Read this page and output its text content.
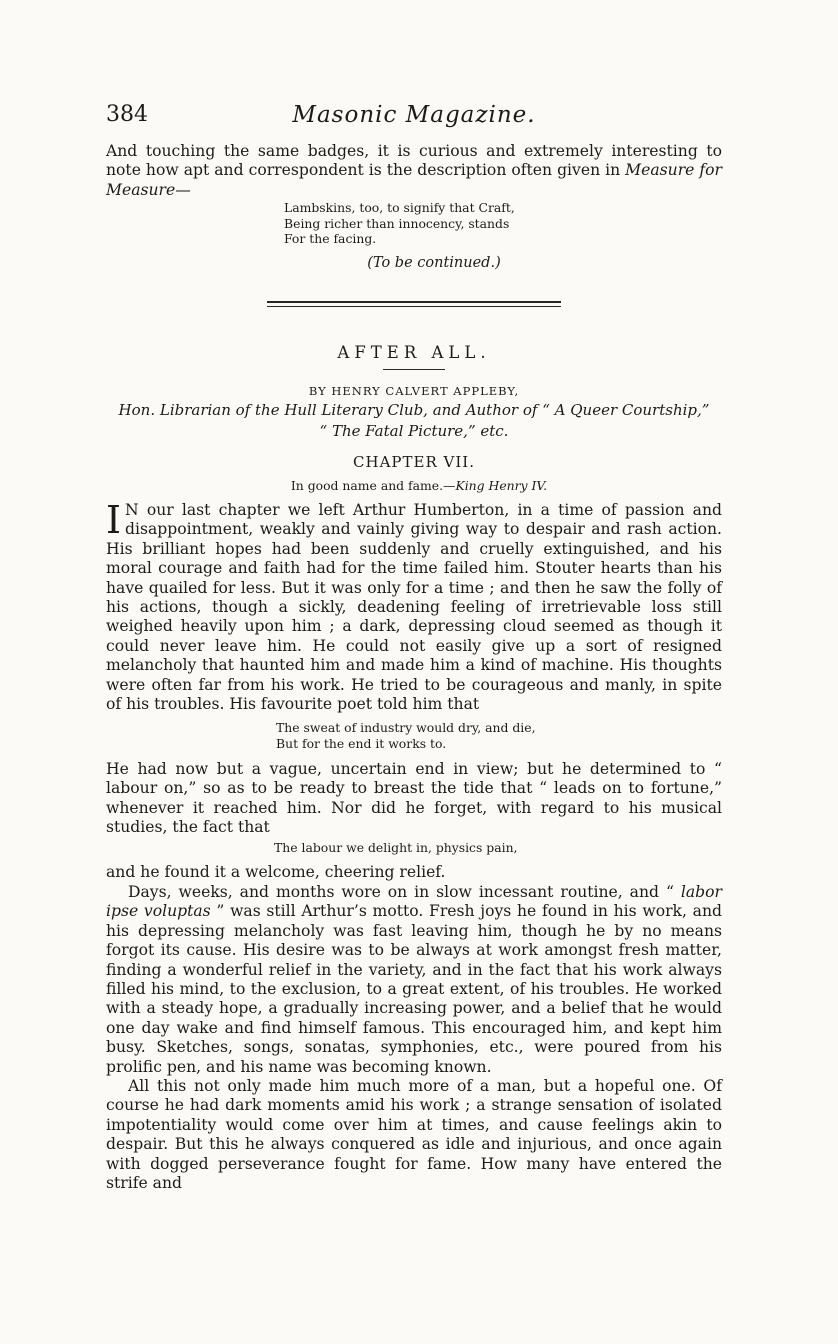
384	Masonic Magazine.

And touching the same badges, it is curious and extremely interesting to note how apt and correspondent is the description often given in Measure for Measure—

Lambskins, too, to signify that Craft,
Being richer than innocency, stands
For the facing.
(To be continued.)
AFTER ALL.
BY HENRY CALVERT APPLEBY,
Hon. Librarian of the Hull Literary Club, and Author of “ A Queer Courtship,”
“ The Fatal Picture,” etc.
CHAPTER VII.
In good name and fame.—King Henry IV.

I N our last chapter we left Arthur Humberton, in a time of passion and disappointment, weakly and vainly giving way to despair and rash action. His brilliant hopes had been suddenly and cruelly extinguished, and his moral courage and faith had for the time failed him. Stouter hearts than his have quailed for less. But it was only for a time ; and then he saw the folly of his actions, though a sickly, deadening feeling of irretrievable loss still weighed heavily upon him ; a dark, depressing cloud seemed as though it could never leave him. He could not easily give up a sort of resigned melancholy that haunted him and made him a kind of machine. His thoughts were often far from his work. He tried to be courageous and manly, in spite of his troubles. His favourite poet told him that

The sweat of industry would dry, and die,
But for the end it works to.

He had now but a vague, uncertain end in view; but he determined to “ labour on,” so as to be ready to breast the tide that “ leads on to fortune,” whenever it reached him. Nor did he forget, with regard to his musical studies, the fact that

The labour we delight in, physics pain,

and he found it a welcome, cheering relief.

Days, weeks, and months wore on in slow incessant routine, and “ labor ipse voluptas ” was still Arthur’s motto. Fresh joys he found in his work, and his depressing melancholy was fast leaving him, though he by no means forgot its cause. His desire was to be always at work amongst fresh matter, finding a wonderful relief in the variety, and in the fact that his work always filled his mind, to the exclusion, to a great extent, of his troubles. He worked with a steady hope, a gradually increasing power, and a belief that he would one day wake and find himself famous. This encouraged him, and kept him busy. Sketches, songs, sonatas, symphonies, etc., were poured from his prolific pen, and his name was becoming known.

All this not only made him much more of a man, but a hopeful one. Of course he had dark moments amid his work ; a strange sensation of isolated impotentiality would come over him at times, and cause feelings akin to despair. But this he always conquered as idle and injurious, and once again with dogged perseverance fought for fame. How many have entered the strife and
